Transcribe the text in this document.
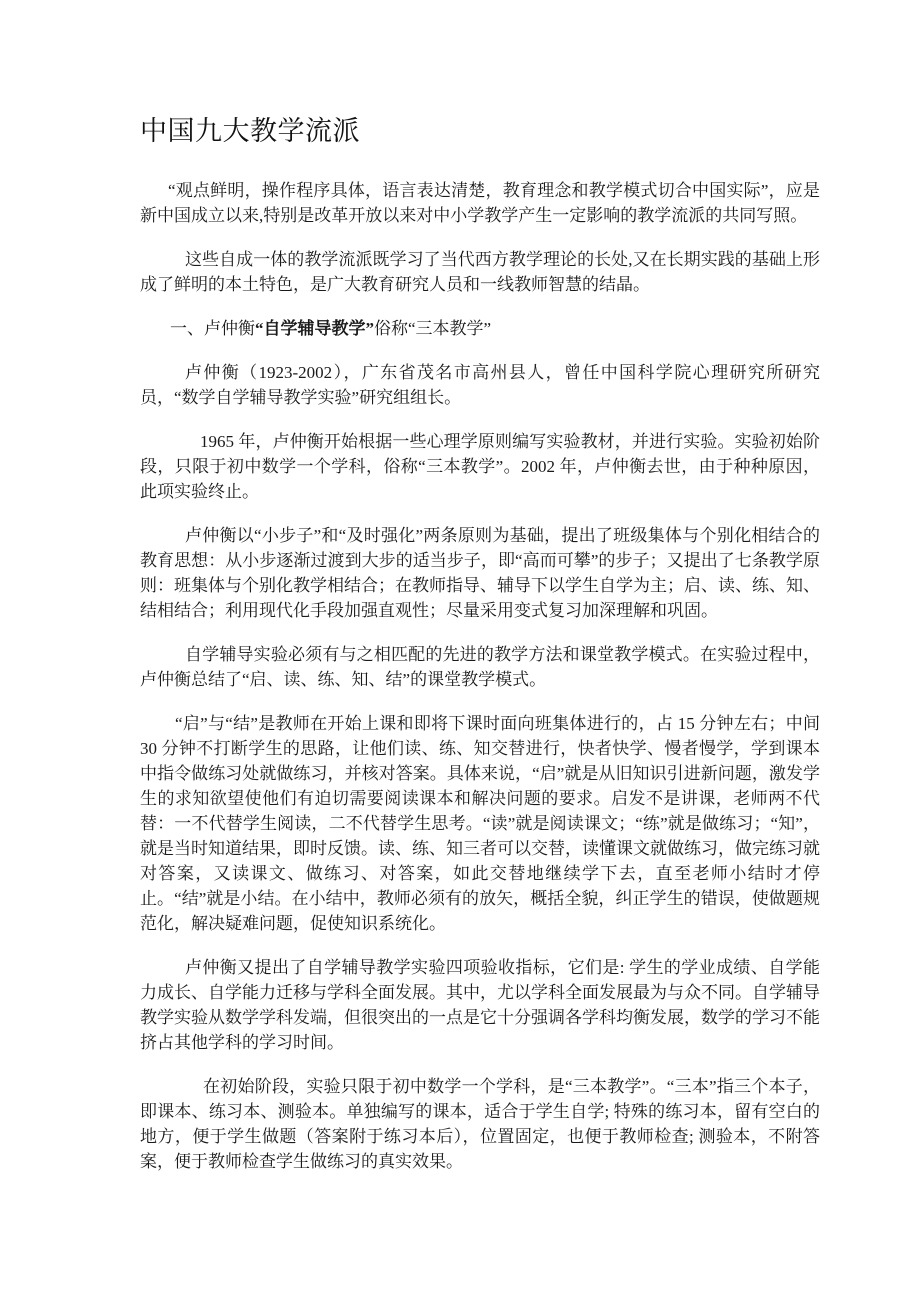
中国九大教学流派

“观点鲜明，操作程序具体，语言表达清楚，教育理念和教学模式切合中国实际”，应是新中国成立以来,特别是改革开放以来对中小学教学产生一定影响的教学流派的共同写照。

这些自成一体的教学流派既学习了当代西方教学理论的长处,又在长期实践的基础上形成了鲜明的本土特色，是广大教育研究人员和一线教师智慧的结晶。

一、卢仲衡“自学辅导教学”俗称“三本教学”

卢仲衡（1923-2002），广东省茂名市高州县人，曾任中国科学院心理研究所研究员，“数学自学辅导教学实验”研究组组长。

1965 年，卢仲衡开始根据一些心理学原则编写实验教材，并进行实验。实验初始阶段，只限于初中数学一个学科，俗称“三本教学”。2002 年，卢仲衡去世，由于种种原因，此项实验终止。

卢仲衡以“小步子”和“及时强化”两条原则为基础，提出了班级集体与个别化相结合的教育思想：从小步逐渐过渡到大步的适当步子，即“高而可攀”的步子；又提出了七条教学原则：班集体与个别化教学相结合；在教师指导、辅导下以学生自学为主；启、读、练、知、结相结合；利用现代化手段加强直观性；尽量采用变式复习加深理解和巩固。

自学辅导实验必须有与之相匹配的先进的教学方法和课堂教学模式。在实验过程中，卢仲衡总结了“启、读、练、知、结”的课堂教学模式。

“启”与“结”是教师在开始上课和即将下课时面向班集体进行的，占 15 分钟左右；中间 30 分钟不打断学生的思路，让他们读、练、知交替进行，快者快学、慢者慢学，学到课本中指令做练习处就做练习，并核对答案。具体来说，“启”就是从旧知识引进新问题，激发学生的求知欲望使他们有迫切需要阅读课本和解决问题的要求。启发不是讲课，老师两不代替：一不代替学生阅读，二不代替学生思考。“读”就是阅读课文；“练”就是做练习；“知”，就是当时知道结果，即时反馈。读、练、知三者可以交替，读懂课文就做练习，做完练习就对答案，又读课文、做练习、对答案，如此交替地继续学下去，直至老师小结时才停止。“结”就是小结。在小结中，教师必须有的放矢，概括全貌，纠正学生的错误，使做题规范化，解决疑难问题，促使知识系统化。

卢仲衡又提出了自学辅导教学实验四项验收指标，它们是: 学生的学业成绩、自学能力成长、自学能力迁移与学科全面发展。其中，尤以学科全面发展最为与众不同。自学辅导教学实验从数学学科发端，但很突出的一点是它十分强调各学科均衡发展，数学的学习不能挤占其他学科的学习时间。

在初始阶段，实验只限于初中数学一个学科，是“三本教学”。“三本”指三个本子，即课本、练习本、测验本。单独编写的课本，适合于学生自学; 特殊的练习本，留有空白的地方，便于学生做题（答案附于练习本后），位置固定，也便于教师检查; 测验本，不附答案，便于教师检查学生做练习的真实效果。
